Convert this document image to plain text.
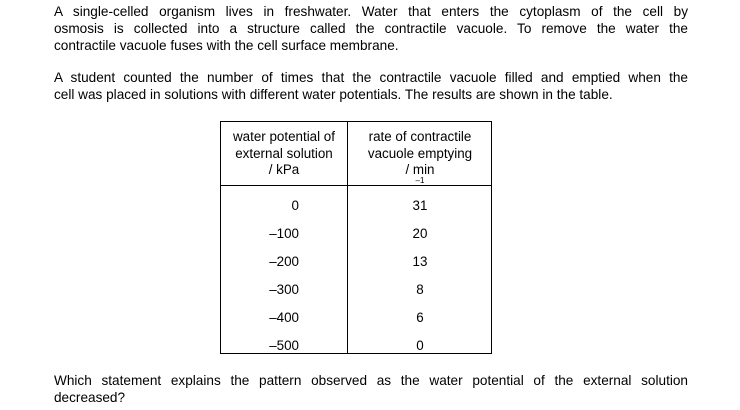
A single-celled organism lives in freshwater. Water that enters the cytoplasm of the cell by
osmosis is collected into a structure called the contractile vacuole. To remove the water the
contractile vacuole fuses with the cell surface membrane.
A student counted the number of times that the contractile vacuole filled and emptied when the
cell was placed in solutions with different water potentials. The results are shown in the table.
water potential of
external solution
/ kPa
rate of contractile
vacuole emptying
/ min
–1
0	31
–100	20
–200	13
–300	8
–400	6
–500	0
Which statement explains the pattern observed as the water potential of the external solution
decreased?
